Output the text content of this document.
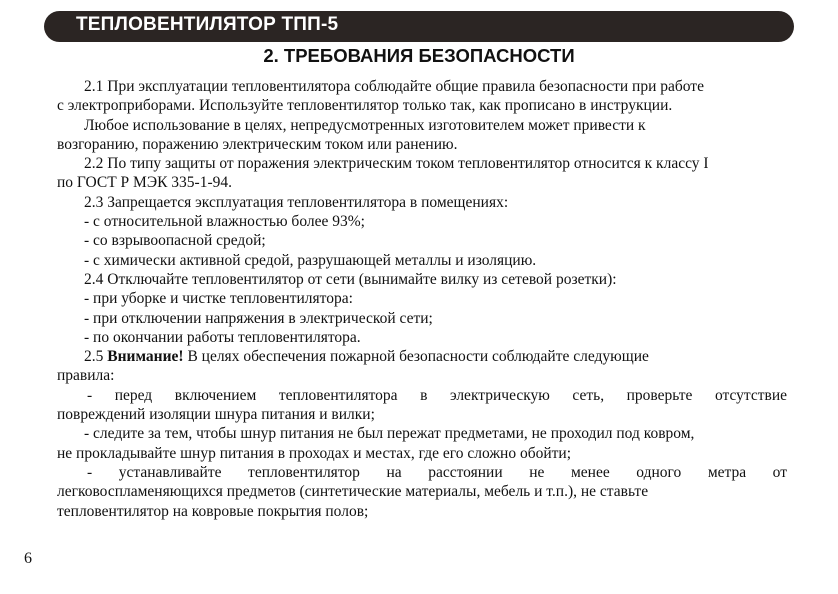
ТЕПЛОВЕНТИЛЯТОР ТПП-5
2. ТРЕБОВАНИЯ БЕЗОПАСНОСТИ
2.1 При эксплуатации тепловентилятора соблюдайте общие правила безопасности при работе
с электроприборами. Используйте тепловентилятор только так, как прописано в инструкции.
Любое использование в целях, непредусмотренных изготовителем может привести к
возгоранию, поражению электрическим током или ранению.
2.2 По типу защиты от поражения электрическим током тепловентилятор относится к классу I
по ГОСТ Р МЭК 335-1-94.
2.3 Запрещается эксплуатация тепловентилятора в помещениях:
- с относительной влажностью более 93%;
- со взрывоопасной средой;
- с химически активной средой, разрушающей металлы и изоляцию.
2.4 Отключайте тепловентилятор от сети (вынимайте вилку из сетевой розетки):
- при уборке и чистке тепловентилятора:
- при отключении напряжения в электрической сети;
- по окончании работы тепловентилятора.
2.5 Внимание! В целях обеспечения пожарной безопасности соблюдайте следующие
правила:
- перед включением тепловентилятора в электрическую сеть, проверьте отсутствие
повреждений изоляции шнура питания и вилки;
- следите за тем, чтобы шнур питания не был пережат предметами, не проходил под ковром,
не прокладывайте шнур питания в проходах и местах, где его сложно обойти;
- устанавливайте тепловентилятор на расстоянии не менее одного метра от
легковоспламеняющихся предметов (синтетические материалы, мебель и т.п.), не ставьте
тепловентилятор на ковровые покрытия полов;
6
